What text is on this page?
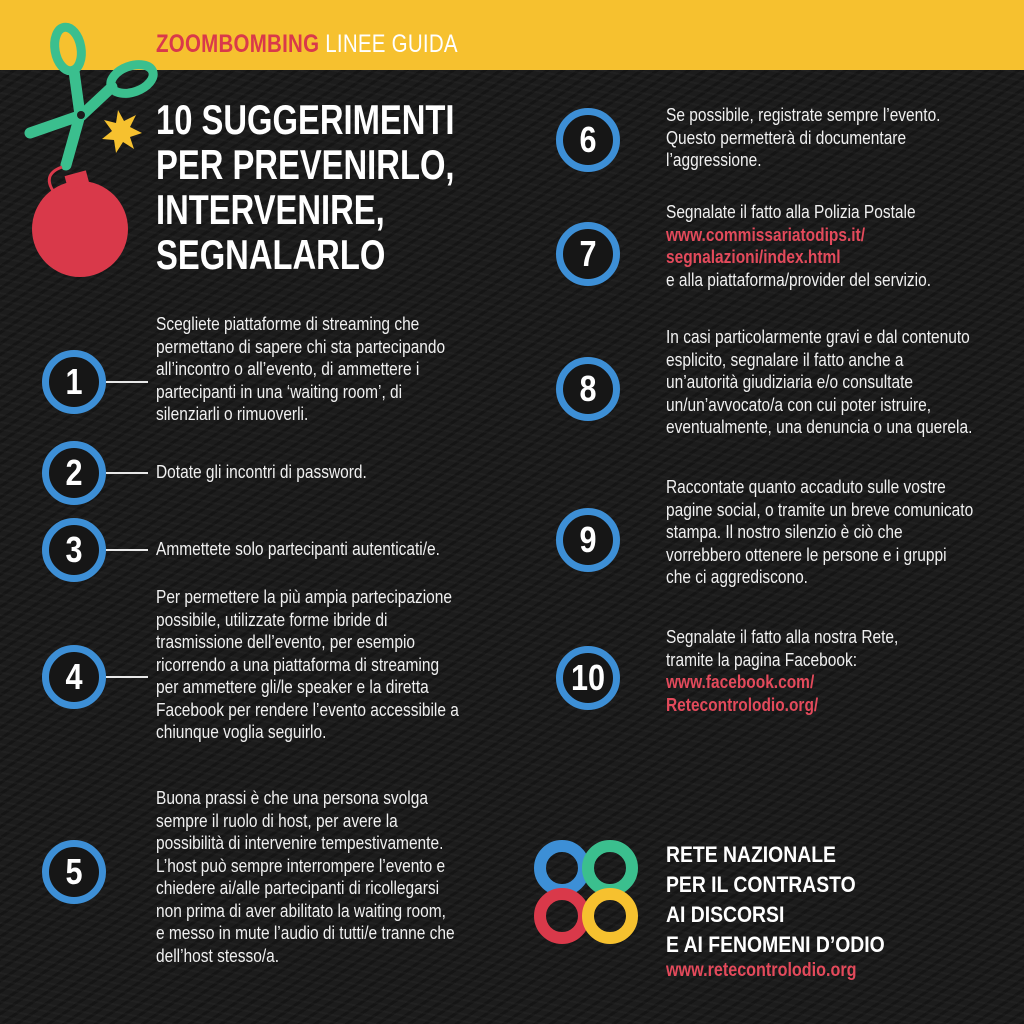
ZOOMBOMBING LINEE GUIDA
10 SUGGERIMENTI
PER PREVENIRLO,
INTERVENIRE,
SEGNALARLO
1
Scegliete piattaforme di streaming che
permettano di sapere chi sta partecipando
all’incontro o all’evento, di ammettere i
partecipanti in una ‘waiting room’, di
silenziarli o rimuoverli.
2	Dotate gli incontri di password.
3	Ammettete solo partecipanti autenticati/e.
4
Per permettere la più ampia partecipazione
possibile, utilizzate forme ibride di
trasmissione dell’evento, per esempio
ricorrendo a una piattaforma di streaming
per ammettere gli/le speaker e la diretta
Facebook per rendere l’evento accessibile a
chiunque voglia seguirlo.
5
Buona prassi è che una persona svolga
sempre il ruolo di host, per avere la
possibilità di intervenire tempestivamente.
L’host può sempre interrompere l’evento e
chiedere ai/alle partecipanti di ricollegarsi
non prima di aver abilitato la waiting room,
e messo in mute l’audio di tutti/e tranne che
dell’host stesso/a.
6
Se possibile, registrate sempre l’evento.
Questo permetterà di documentare
l’aggressione.
7
Segnalate il fatto alla Polizia Postale
www.commissariatodips.it/
segnalazioni/index.html
e alla piattaforma/provider del servizio.
8
In casi particolarmente gravi e dal contenuto
esplicito, segnalare il fatto anche a
un’autorità giudiziaria e/o consultate
un/un’avvocato/a con cui poter istruire,
eventualmente, una denuncia o una querela.
9
Raccontate quanto accaduto sulle vostre
pagine social, o tramite un breve comunicato
stampa. Il nostro silenzio è ciò che
vorrebbero ottenere le persone e i gruppi
che ci aggrediscono.
10
Segnalate il fatto alla nostra Rete,
tramite la pagina Facebook:
www.facebook.com/
Retecontrolodio.org/
RETE NAZIONALE
PER IL CONTRASTO
AI DISCORSI
E AI FENOMENI D’ODIO
www.retecontrolodio.org
